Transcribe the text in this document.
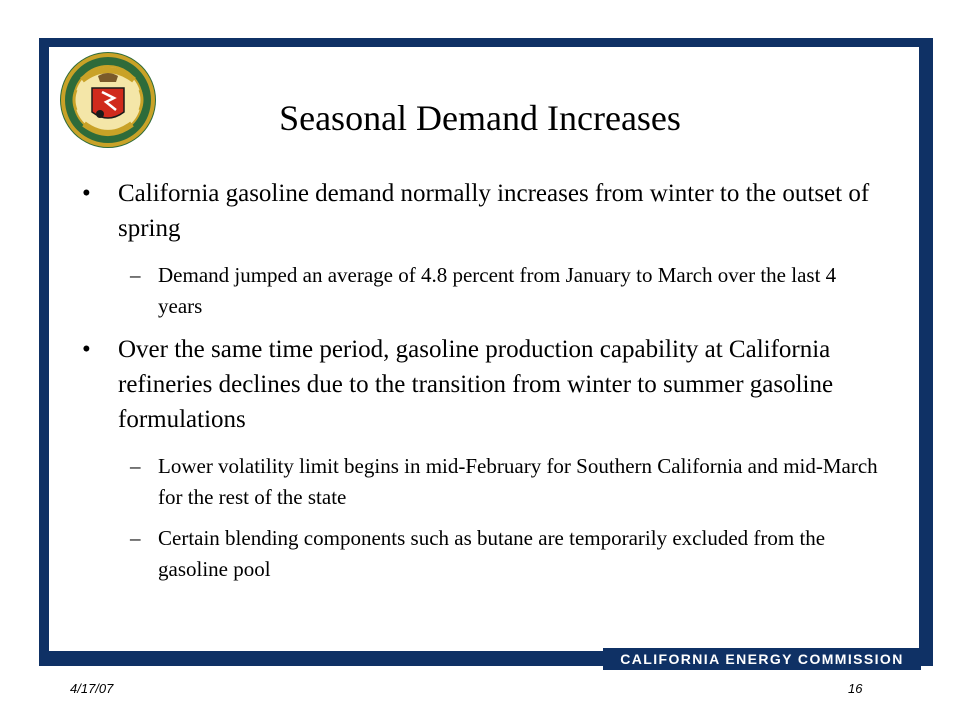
Seasonal Demand Increases
• California gasoline demand normally increases from winter to the outset of spring
– Demand jumped an average of 4.8 percent from January to March over the last 4 years
• Over the same time period, gasoline production capability at California refineries declines due to the transition from winter to summer gasoline formulations
– Lower volatility limit begins in mid-February for Southern California and mid-March for the rest of the state
– Certain blending components such as butane are temporarily excluded from the gasoline pool
CALIFORNIA ENERGY COMMISSION
4/17/07	16
